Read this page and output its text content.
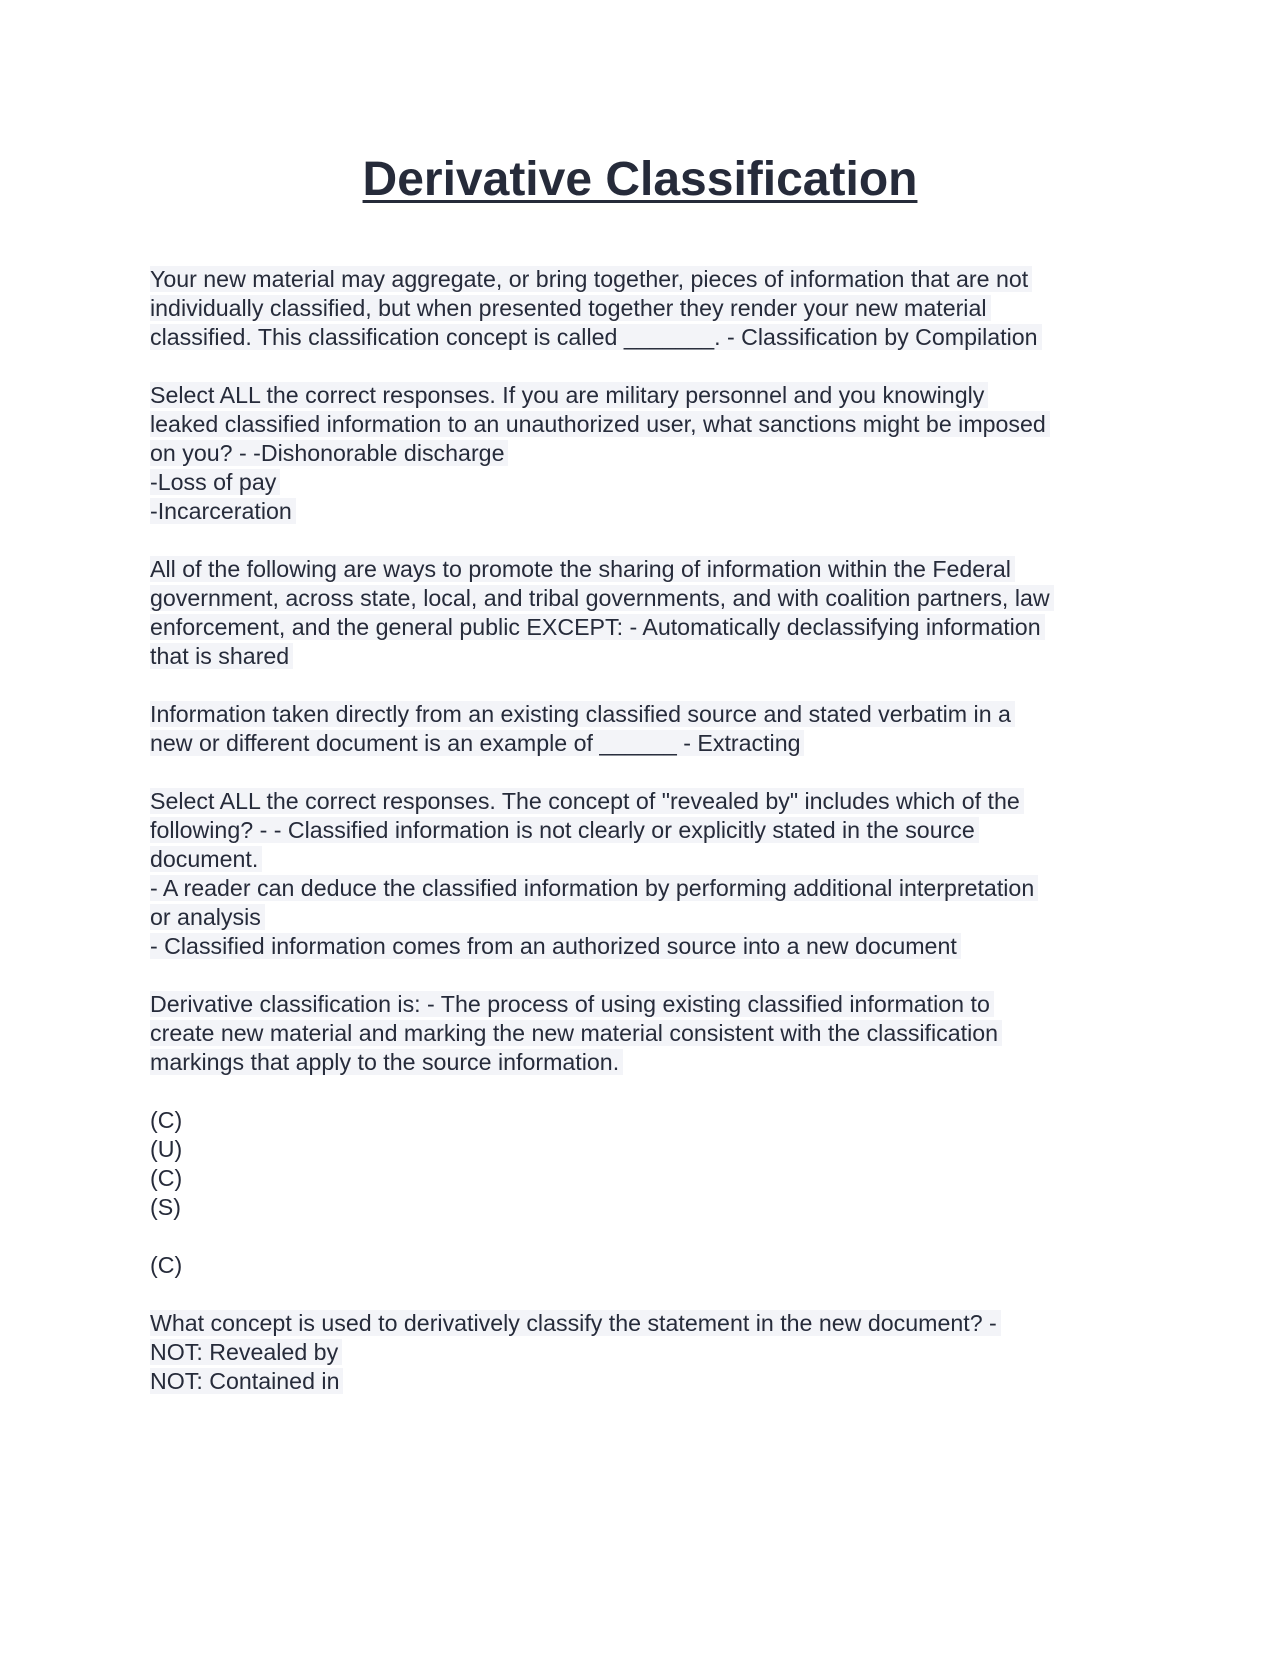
Derivative Classification
Your new material may aggregate, or bring together, pieces of information that are not
individually classified, but when presented together they render your new material
classified. This classification concept is called _______. - Classification by Compilation
Select ALL the correct responses. If you are military personnel and you knowingly
leaked classified information to an unauthorized user, what sanctions might be imposed
on you? - -Dishonorable discharge
-Loss of pay
-Incarceration
All of the following are ways to promote the sharing of information within the Federal
government, across state, local, and tribal governments, and with coalition partners, law
enforcement, and the general public EXCEPT: - Automatically declassifying information
that is shared
Information taken directly from an existing classified source and stated verbatim in a
new or different document is an example of ______ - Extracting
Select ALL the correct responses. The concept of "revealed by" includes which of the
following? - - Classified information is not clearly or explicitly stated in the source
document.
- A reader can deduce the classified information by performing additional interpretation
or analysis
- Classified information comes from an authorized source into a new document
Derivative classification is: - The process of using existing classified information to
create new material and marking the new material consistent with the classification
markings that apply to the source information.
(C)
(U)
(C)
(S)
(C)
What concept is used to derivatively classify the statement in the new document? -
NOT: Revealed by
NOT: Contained in
